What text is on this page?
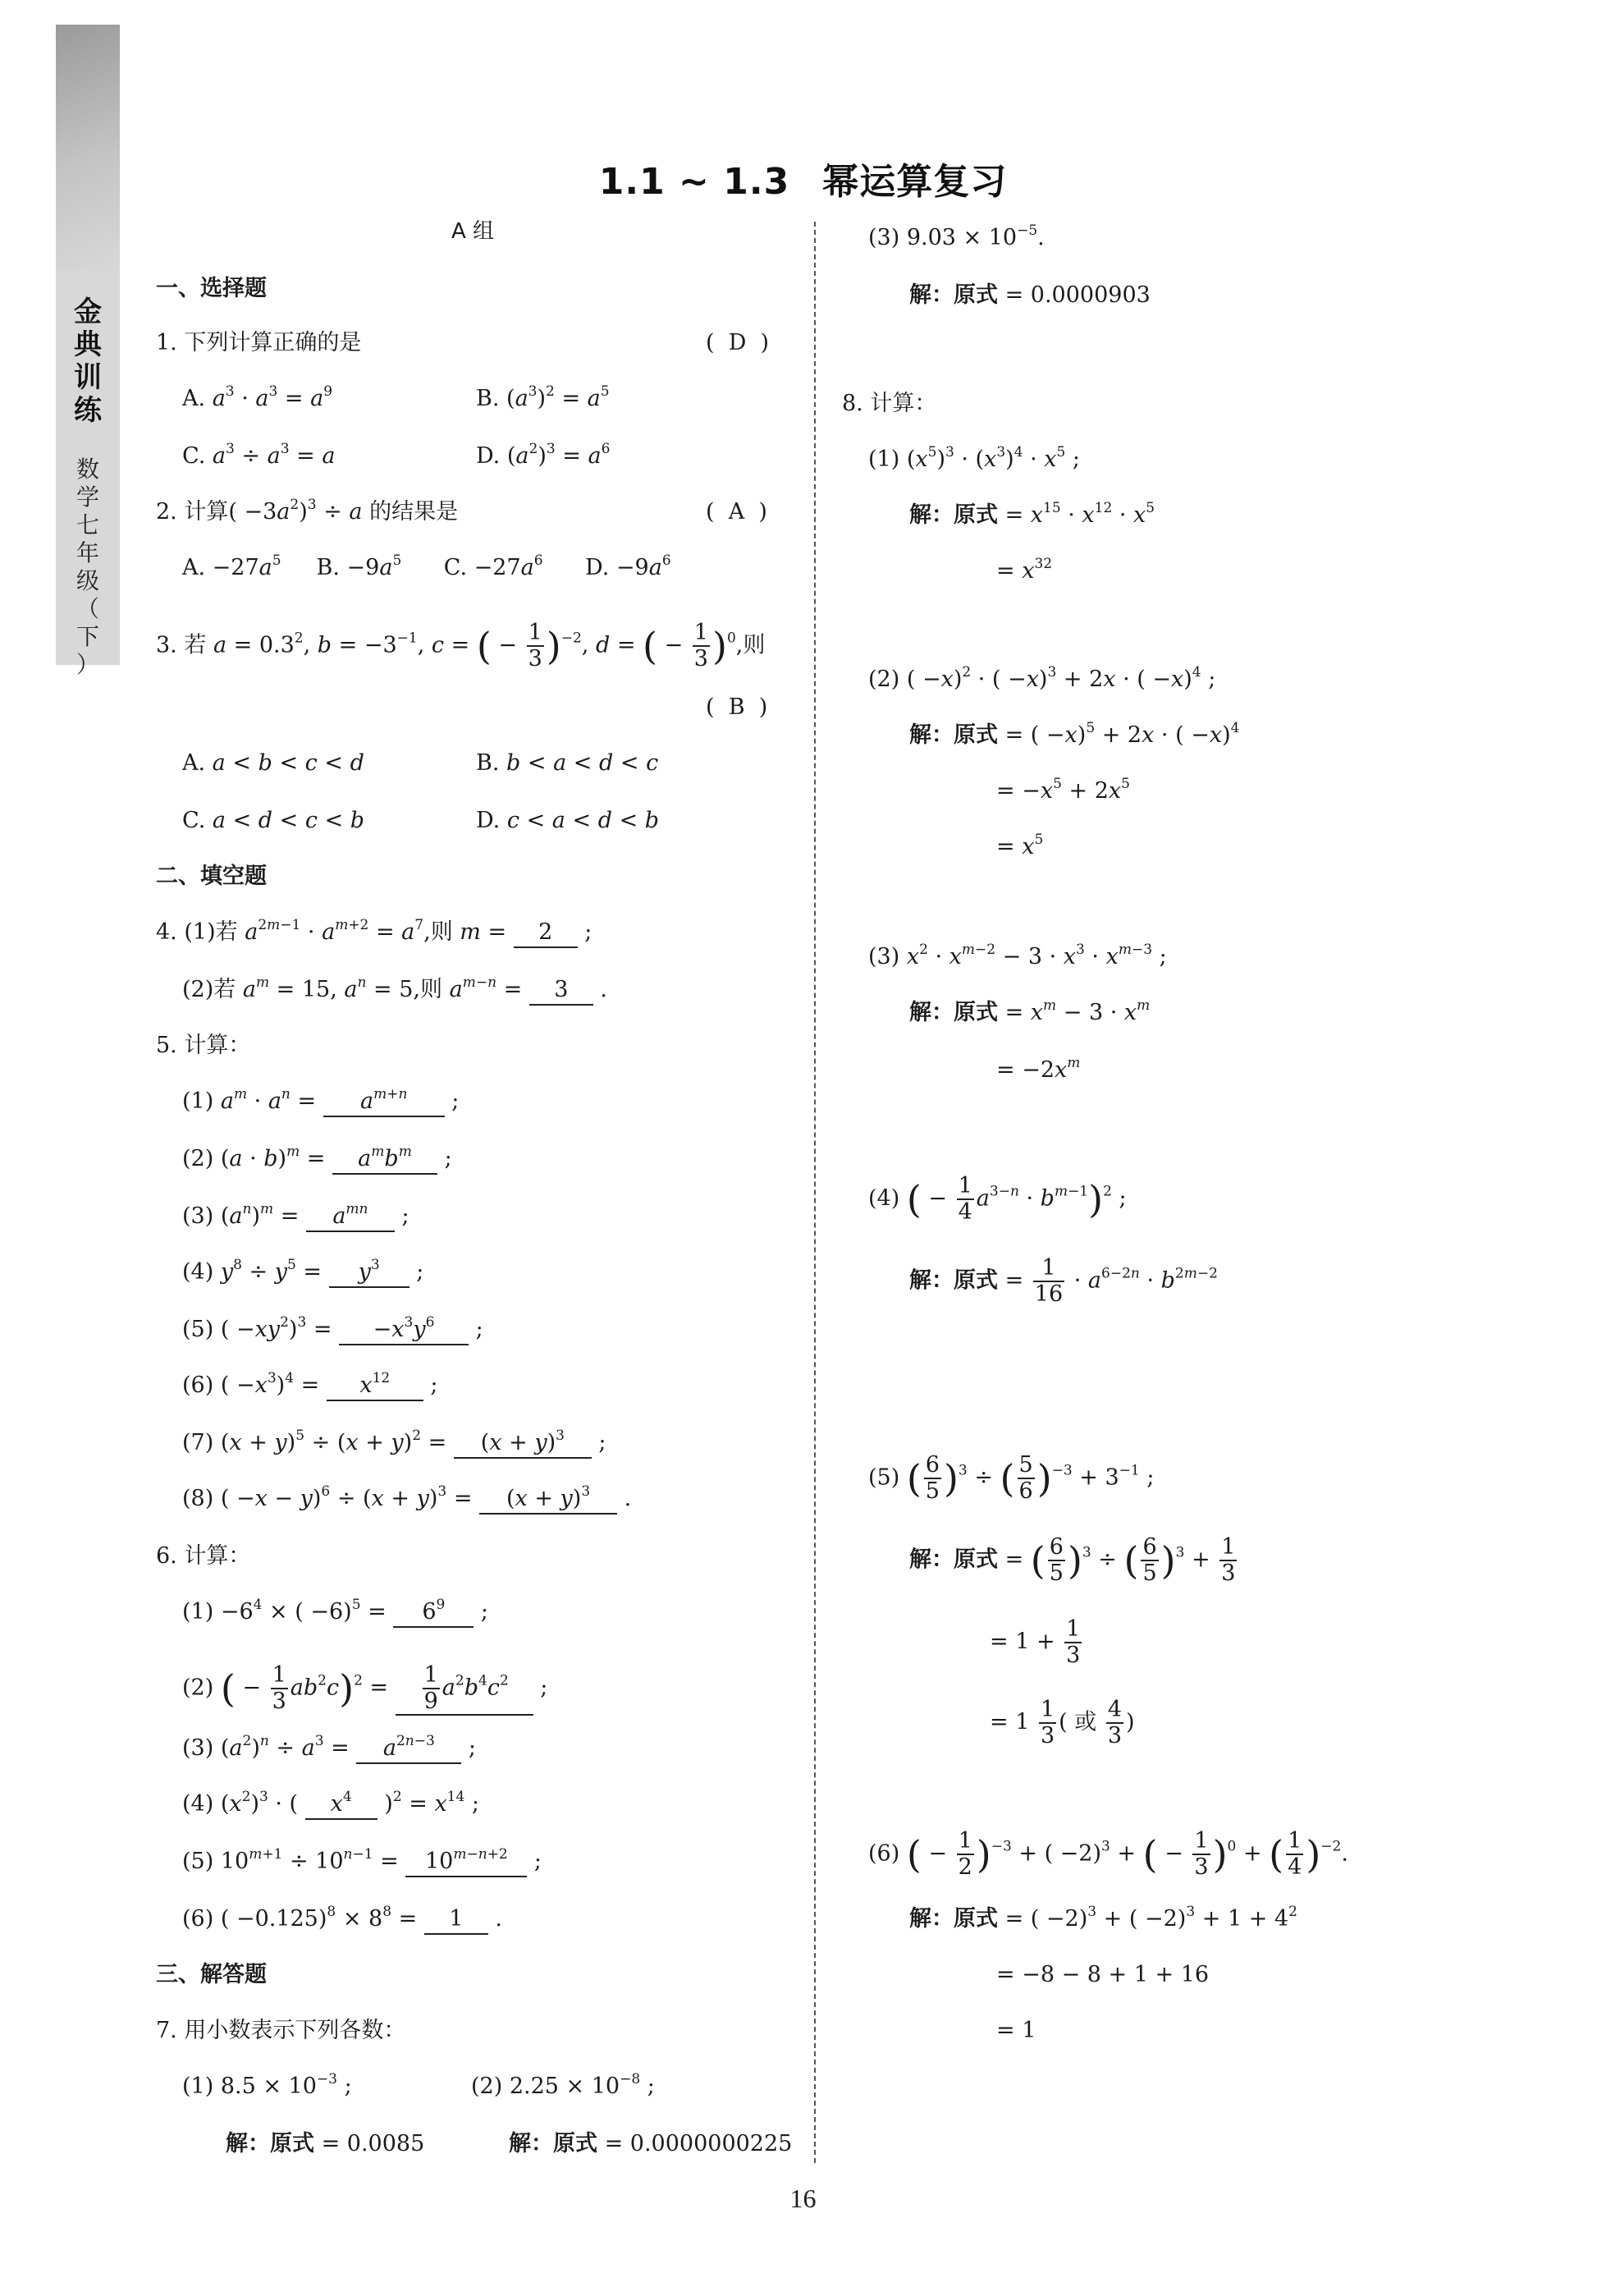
金
典
训
练
数
学
七
年
级
（
下
）
1.1 ~ 1.3 幂运算复习
A 组
一、选择题
1. 下列计算正确的是	(  D  )
A. $a^3 \cdot a^3 = a^9$	B. $(a^3)^2 = a^5$
C. $a^3 \div a^3 = a$	D. $(a^2)^3 = a^6$
2. 计算( $-3a^2)^3 \div a$ 的结果是	(  A  )
A. $-27a^5$     B. $-9a^5$      C. $-27a^6$      D. $-9a^6$
3. 若 $a = 0.3^2$, $b = -3^{-1}$, c = ( − $\frac{1}{3} )^{-2}$, d = ( − $\frac{1}{3} )^0$,则
(  B  )
A. a < b < c < d	B. b < a < d < c
C. a < d < c < b	D. c < a < d < b
二、填空题
4. (1)若 $a^{2m-1} \cdot a^{m+2} = a^7$,则 m = 2 ;
(2)若 $a^m = 15$, $a^n = 5$,则 $a^{m-n} = 3$ .
5. 计算：
(1) $a^m \cdot a^n = a^{m+n}$ ;
(2) $(a \cdot b)^m = a^mb^m$ ;
(3) $(a^n)^m = a^{mn}$ ;
(4) $y^8 \div y^5 = y^3$ ;
(5) ( $-xy^2)^3 = -x^3y^6$ ;
(6) ( $-x^3)^4 = x^{12}$ ;
(7) $(x + y)^5 \div (x + y)^2 = (x + y)^3$ ;
(8) ( $-x - y)^6 \div (x + y)^3 = (x + y)^3$ .
6. 计算：
$(1) -6^4$ × ( $-6)^5 = 6^9$ ;
(2) ( − $\frac{1}{3} ab^2c)^2 = \frac{1}{9} a^2b^4c^2$ ;
(3) $(a^2)^n \div a^3 = a^{2n-3}$ ;
(4) $(x^2)^3$ · ( $x^4$ )$^2 = x^{14}$ ;
(5) $10^{m+1} \div 10^{n-1} = 10^{m-n+2}$ ;
(6) ( $-0.125)^8 \times 8^8 = 1$ .
三、解答题
7. 用小数表示下列各数：
(1) $8.5 \times 10^{-3}$ ;	(2) $2.25 \times 10^{-8}$ ;
解：原式 = 0.0085	解：原式 = 0.0000000225
(3) $9.03 \times 10^{-5}$.
解：原式 = 0.0000903
8. 计算：
(1) $(x^5)^3 \cdot (x^3)^4 \cdot x^5$ ;
解：原式 = $x^{15} \cdot x^{12} \cdot x^5$
= $x^{32}$
(2) ( −x)$^2$ · ( −x)$^3$ + 2x · ( −x)$^4$ ;
解：原式 = ( −x)$^5$ + 2x · ( −x)$^4$
= $-x^5 + 2x^5$
= $x^5$
(3) $x^2 \cdot x^{m-2} - 3 \cdot x^3 \cdot x^{m-3}$ ;
解：原式 = $x^m - 3 \cdot x^m$
= $-2x^m$
(4) ( − $\frac{1}{4} a^{3-n} \cdot b^{m-1})^2$ ;
解：原式 = $\frac{1}{16} \cdot a^{6-2n} \cdot b^{2m-2}$
(5) ( $\frac{6}{5} )^3$ ÷ ( $\frac{5}{6} )^{-3} + 3^{-1}$ ;
解：原式 = ( $\frac{6}{5} )^3$ ÷ ( $\frac{6}{5} )^3 + \frac{1}{3}$
= $1 + \frac{1}{3}$
= $1 \frac{1}{3}$ ( 或 $\frac{4}{3}$ )
(6) ( − $\frac{1}{2} )^{-3}$ + ( −2)$^3$ + ( − $\frac{1}{3} )^0$ + ( $\frac{1}{4} )^{-2}$.
解：原式 = ( −2)$^3$ + ( $-2)^3 + 1 + 4^2$
= −8 − 8 + 1 + 16
= 1
16
